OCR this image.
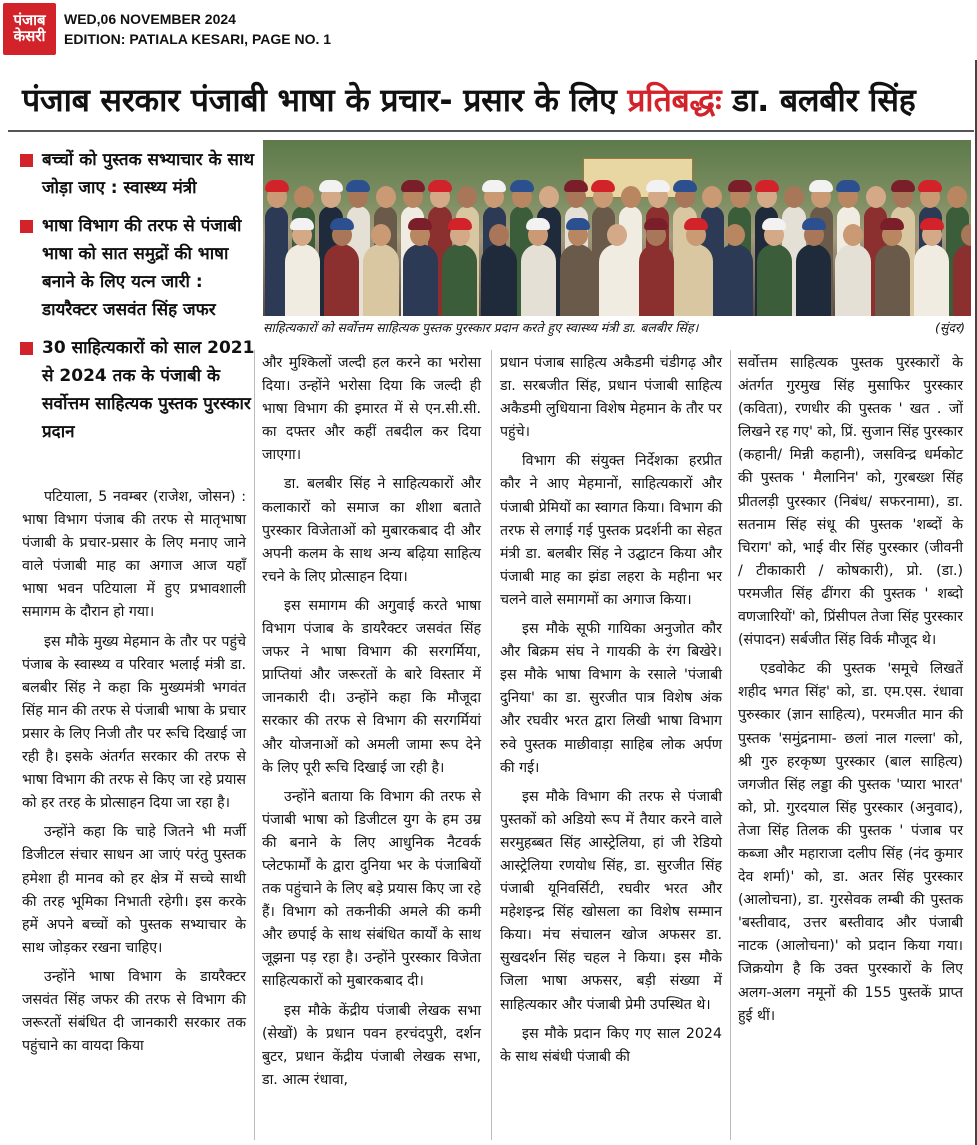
पंजाब
केसरी
WED,06 NOVEMBER 2024
EDITION: PATIALA KESARI, PAGE NO. 1
पंजाब सरकार पंजाबी भाषा के प्रचार- प्रसार के लिए प्रतिबद्धः डा. बलबीर सिंह
बच्चों को पुस्तक सभ्याचार के साथ जोड़ा जाए : स्वास्थ्य मंत्री
भाषा विभाग की तरफ से पंजाबी भाषा को सात समुद्रों की भाषा बनाने के लिए यत्न जारी : डायरैक्टर जसवंत सिंह जफर
30 साहित्यकारों को साल 2021 से 2024 तक के पंजाबी के सर्वोत्तम साहित्यक पुस्तक पुरस्कार प्रदान
साहित्यकारों को सर्वोत्तम साहित्यक पुस्तक पुरस्कार प्रदान करते हुए स्वास्थ्य मंत्री डा. बलबीर सिंह।	(सुंदर)

पटियाला, 5 नवम्बर (राजेश, जोसन) : भाषा विभाग पंजाब की तरफ से मातृभाषा पंजाबी के प्रचार-प्रसार के लिए मनाए जाने वाले पंजाबी माह का अगाज आज यहाँ भाषा भवन पटियाला में हुए प्रभावशाली समागम के दौरान हो गया।

इस मौके मुख्य मेहमान के तौर पर पहुंचे पंजाब के स्वास्थ्य व परिवार भलाई मंत्री डा. बलबीर सिंह ने कहा कि मुख्यमंत्री भगवंत सिंह मान की तरफ से पंजाबी भाषा के प्रचार प्रसार के लिए निजी तौर पर रूचि दिखाई जा रही है। इसके अंतर्गत सरकार की तरफ से भाषा विभाग की तरफ से किए जा रहे प्रयास को हर तरह के प्रोत्साहन दिया जा रहा है।

उन्होंने कहा कि चाहे जितने भी मर्जी डिजीटल संचार साधन आ जाएं परंतु पुस्तक हमेशा ही मानव को हर क्षेत्र में सच्चे साथी की तरह भूमिका निभाती रहेगी। इस करके हमें अपने बच्चों को पुस्तक सभ्याचार के साथ जोड़कर रखना चाहिए।

उन्होंने भाषा विभाग के डायरैक्टर जसवंत सिंह जफर की तरफ से विभाग की जरूरतों संबंधित दी जानकारी सरकार तक पहुंचाने का वायदा किया

और मुश्किलों जल्दी हल करने का भरोसा दिया। उन्होंने भरोसा दिया कि जल्दी ही भाषा विभाग की इमारत में से एन.सी.सी. का दफ्तर और कहीं तबदील कर दिया जाएगा।

डा. बलबीर सिंह ने साहित्यकारों और कलाकारों को समाज का शीशा बताते पुरस्कार विजेताओं को मुबारकबाद दी और अपनी कलम के साथ अन्य बढ़िया साहित्य रचने के लिए प्रोत्साहन दिया।

इस समागम की अगुवाई करते भाषा विभाग पंजाब के डायरैक्टर जसवंत सिंह जफर ने भाषा विभाग की सरगर्मिया, प्राप्तियां और जरूरतों के बारे विस्तार में जानकारी दी। उन्होंने कहा कि मौजूदा सरकार की तरफ से विभाग की सरगर्मियां और योजनाओं को अमली जामा रूप देने के लिए पूरी रूचि दिखाई जा रही है।

उन्होंने बताया कि विभाग की तरफ से पंजाबी भाषा को डिजीटल युग के हम उम्र की बनाने के लिए आधुनिक नैटवर्क प्लेटफार्मों के द्वारा दुनिया भर के पंजाबियों तक पहुंचाने के लिए बड़े प्रयास किए जा रहे हैं। विभाग को तकनीकी अमले की कमी और छपाई के साथ संबंधित कार्यों के साथ जूझना पड़ रहा है। उन्होंने पुरस्कार विजेता साहित्यकारों को मुबारकबाद दी।

इस मौके केंद्रीय पंजाबी लेखक सभा (सेखों) के प्रधान पवन हरचंदपुरी, दर्शन बुटर, प्रधान केंद्रीय पंजाबी लेखक सभा, डा. आत्म रंधावा,

प्रधान पंजाब साहित्य अकैडमी चंडीगढ़ और डा. सरबजीत सिंह, प्रधान पंजाबी साहित्य अकैडमी लुधियाना विशेष मेहमान के तौर पर पहुंचे।

विभाग की संयुक्त निर्देशका हरप्रीत कौर ने आए मेहमानों, साहित्यकारों और पंजाबी प्रेमियों का स्वागत किया। विभाग की तरफ से लगाई गई पुस्तक प्रदर्शनी का सेहत मंत्री डा. बलबीर सिंह ने उद्घाटन किया और पंजाबी माह का झंडा लहरा के महीना भर चलने वाले समागमों का अगाज किया।

इस मौके सूफी गायिका अनुजोत कौर और बिक्रम संघ ने गायकी के रंग बिखेरे। इस मौके भाषा विभाग के रसाले 'पंजाबी दुनिया' का डा. सुरजीत पात्र विशेष अंक और रघवीर भरत द्वारा लिखी भाषा विभाग रुवे पुस्तक माछीवाड़ा साहिब लोक अर्पण की गई।

इस मौके विभाग की तरफ से पंजाबी पुस्तकों को अडियो रूप में तैयार करने वाले सरमुहब्बत सिंह आस्ट्रेलिया, हां जी रेडियो आस्ट्रेलिया रणयोध सिंह, डा. सुरजीत सिंह पंजाबी यूनिवर्सिटी, रघवीर भरत और महेशइन्द्र सिंह खोसला का विशेष सम्मान किया। मंच संचालन खोज अफसर डा. सुखदर्शन सिंह चहल ने किया। इस मौके जिला भाषा अफसर, बड़ी संख्या में साहित्यकार और पंजाबी प्रेमी उपस्थित थे।

इस मौके प्रदान किए गए साल 2024 के साथ संबंधी पंजाबी की

सर्वोत्तम साहित्यक पुस्तक पुरस्कारों के अंतर्गत गुरमुख सिंह मुसाफिर पुरस्कार (कविता), रणधीर की पुस्तक ' खत . जों लिखने रह गए' को, प्रिं. सुजान सिंह पुरस्कार (कहानी/ मिन्नी कहानी), जसविन्द्र धर्मकोट की पुस्तक ' मैलानिन' को, गुरबख्श सिंह प्रीतलड़ी पुरस्कार (निबंध/ सफरनामा), डा. सतनाम सिंह संधू की पुस्तक 'शब्दों के चिराग' को, भाई वीर सिंह पुरस्कार (जीवनी / टीकाकारी / कोषकारी), प्रो. (डा.) परमजीत सिंह ढींगरा की पुस्तक ' शब्दो वणजारियों' को, प्रिंसीपल तेजा सिंह पुरस्कार (संपादन) सर्बजीत सिंह विर्क मौजूद थे।

एडवोकेट की पुस्तक 'समूचे लिखतें शहीद भगत सिंह' को, डा. एम.एस. रंधावा पुरुस्कार (ज्ञान साहित्य), परमजीत मान की पुस्तक 'समुंद्रनामा- छलां नाल गल्ला' को, श्री गुरु हरकृष्ण पुरस्कार (बाल साहित्य) जगजीत सिंह लड्डा की पुस्तक 'प्यारा भारत' को, प्रो. गुरदयाल सिंह पुरस्कार (अनुवाद), तेजा सिंह तिलक की पुस्तक ' पंजाब पर कब्जा और महाराजा दलीप सिंह (नंद कुमार देव शर्मा)' को, डा. अतर सिंह पुरस्कार (आलोचना), डा. गुरसेवक लम्बी की पुस्तक 'बस्तीवाद, उत्तर बस्तीवाद और पंजाबी नाटक (आलोचना)' को प्रदान किया गया। जिक्रयोग है कि उक्त पुरस्कारों के लिए अलग-अलग नमूनों की 155 पुस्तकें प्राप्त हुई थीं।
